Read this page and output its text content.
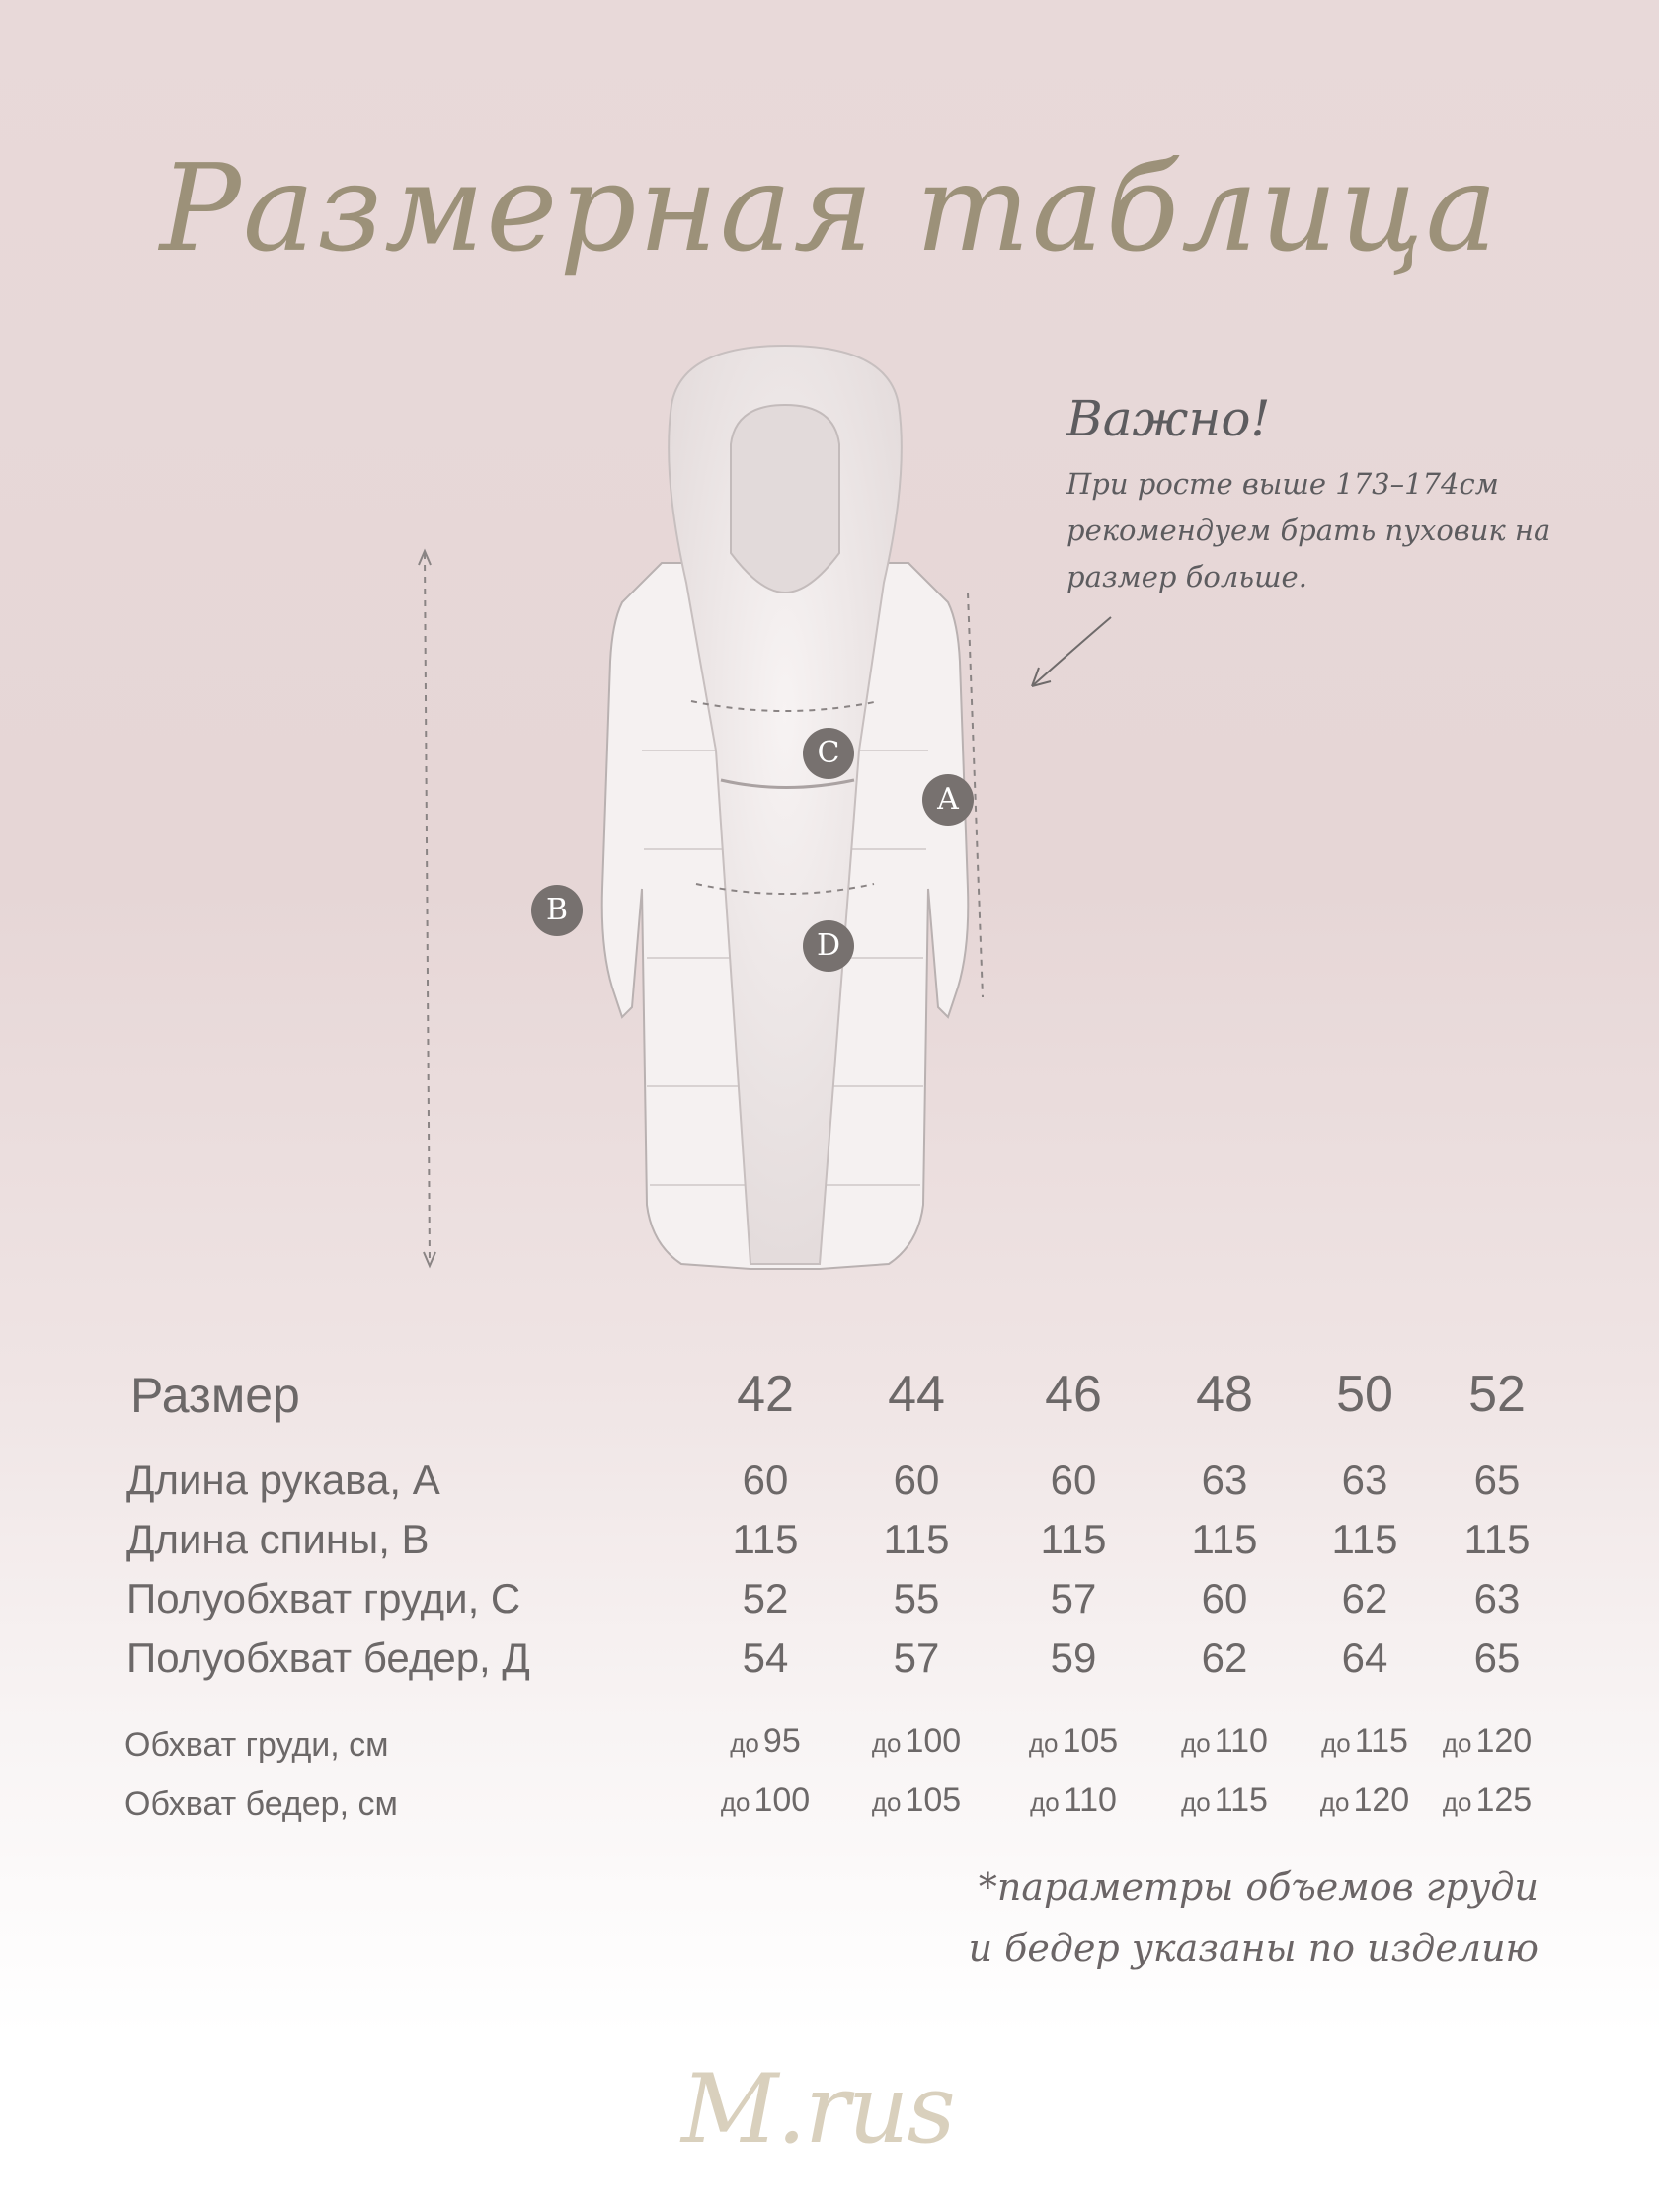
Размерная таблица
C
A
B
D
Важно!
При росте выше 173–174см рекомендуем брать пуховик на размер больше.
Размер	42 44 46 48 50 52
Длина рукава, А	60	60	60	63 63 65
Длина спины, В	115 115 115 115 115 115
Полуобхват груди, С	52	55	57	60 62 63
Полуобхват бедер, Д	54	57	59	62 64 65
Обхват груди, см	до 95	до 100	до 105 до 110 до 115 до 120
Обхват бедер, см	до 100 до 105	до 110	до 115 до 120 до 125
*параметры объемов груди
и бедер указаны по изделию
M.rus
